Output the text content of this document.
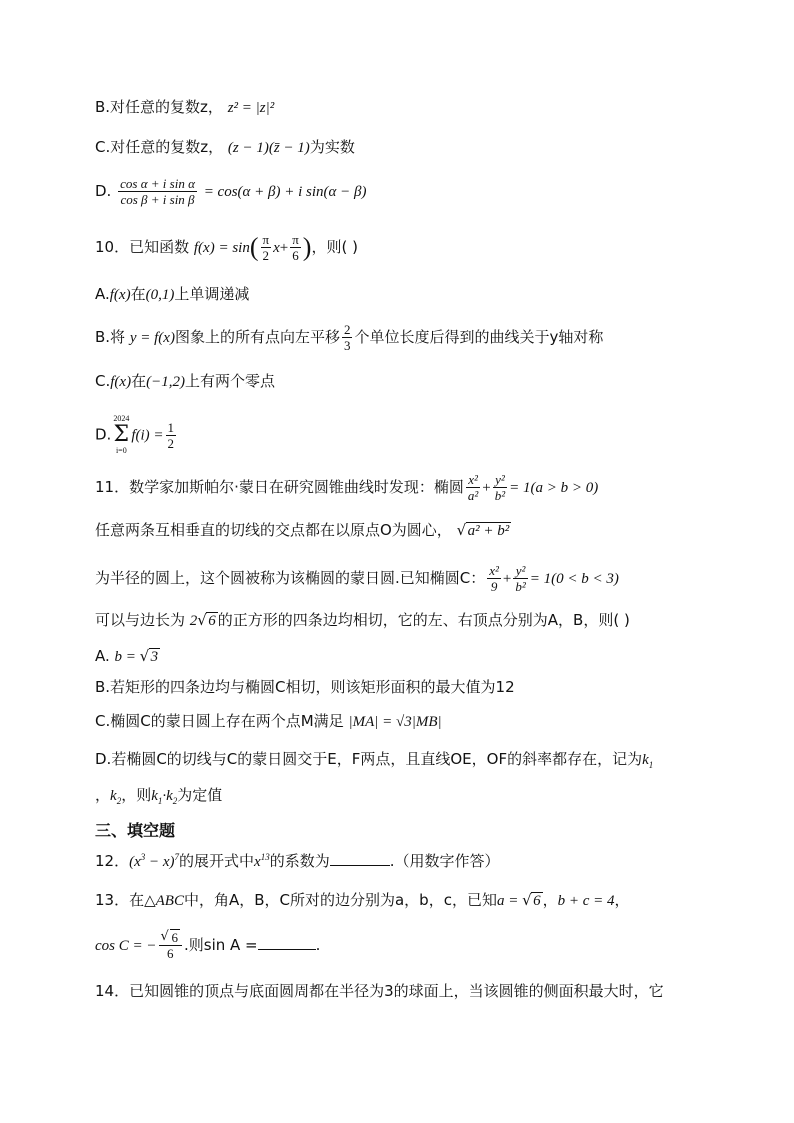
B.对任意的复数z， z² = |z|²
C.对任意的复数z， (z − 1)(z̄ − 1)为实数
D. $\frac{\text{cos α + i sin α}}{\text{cos β + i sin β}} = \cos(\alpha + \beta) + i$ sin(α − β)
10．已知函数 $f(x) = \sin( \frac{\pi}{2} x+ \frac{\pi}{6}$ )，则( )
A.f(x)在(0,1)上单调递减
B.将 y = f(x)图象上的所有点向左平移 $\frac{2}{3}$ 个单位长度后得到的曲线关于y轴对称
C.f(x)在(−1,2)上有两个零点
D.
2024
Σ
i=0
$f(i) = \frac{1}{2}$
11．数学家加斯帕尔·蒙日在研究圆锥曲线时发现：椭圆 $\frac{\text{x²}}{\text{a²}} + \frac{\text{y²}}{\text{b²}} = 1(a > b > 0)$
任意两条互相垂直的切线的交点都在以原点O为圆心， √ a² + b²
为半径的圆上，这个圆被称为该椭圆的蒙日圆.已知椭圆C： $\frac{\text{x²}}{9} + \frac{\text{y²}}{\text{b²}} = 1(0 < b < 3)$
可以与边长为 2 √ 6 的正方形的四条边均相切，它的左、右顶点分别为A，B，则( )
A. b = √ 3
B.若矩形的四条边均与椭圆C相切，则该矩形面积的最大值为12
C.椭圆C的蒙日圆上存在两个点M满足 |MA| = √3|MB|
D.若椭圆C的切线与C的蒙日圆交于E，F两点，且直线OE，OF的斜率都存在，记为$k_1$
，$k_2$，则$k_1\cdot k_2$为定值
三、填空题
12．$(x^3 - x)^7$的展开式中$x^{13}$的系数为	.（用数字作答）
13．在△ABC中，角A，B，C所对的边分别为a，b，c，已知a = √ 6 ，b + c = 4，
cos C = − √ $\frac{6}{6}$ .则sin A =	.
14．已知圆锥的顶点与底面圆周都在半径为3的球面上，当该圆锥的侧面积最大时，它
